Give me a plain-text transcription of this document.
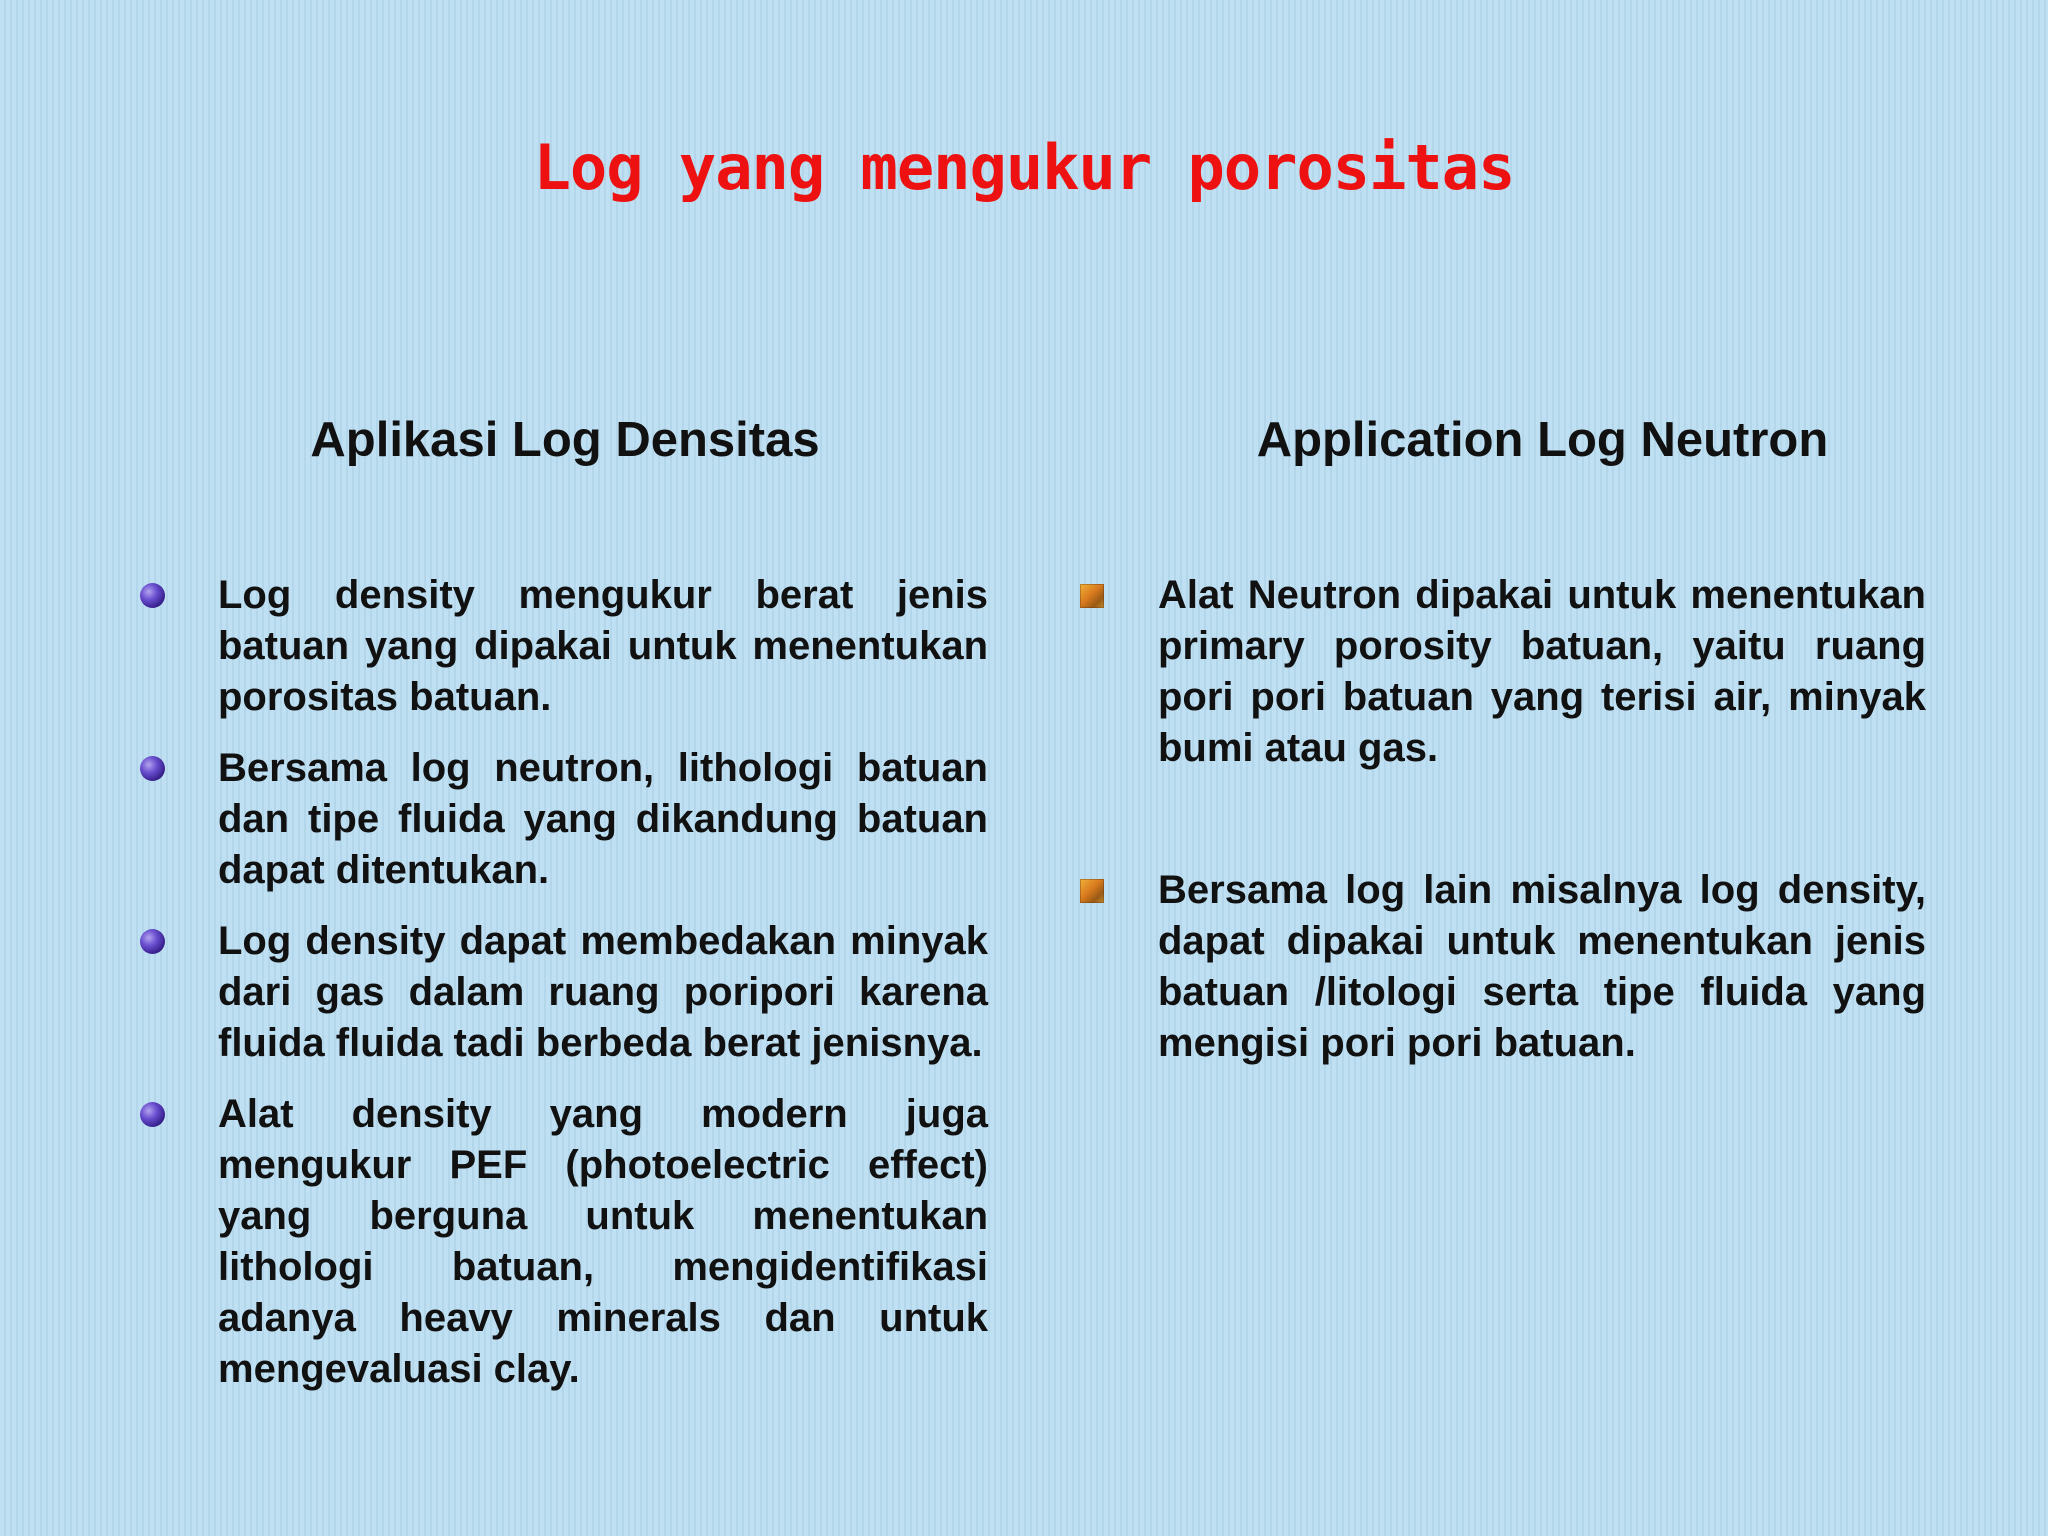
Log yang mengukur porositas
Aplikasi Log Densitas	Application Log Neutron
Log density mengukur berat jenis batuan yang dipakai untuk menentukan porositas batuan.
Bersama log neutron, lithologi batuan dan tipe fluida yang dikandung batuan dapat ditentukan.
Log density dapat membedakan minyak dari gas dalam ruang poripori karena fluida fluida tadi berbeda berat jenisnya.
Alat density yang modern juga mengukur PEF (photoelectric effect) yang berguna untuk menentukan lithologi batuan, mengidentifikasi adanya heavy minerals dan untuk mengevaluasi clay.
Alat Neutron dipakai untuk menentukan primary porosity batuan, yaitu ruang pori pori batuan yang terisi air, minyak bumi atau gas.
Bersama log lain misalnya log density, dapat dipakai untuk menentukan jenis batuan /litologi serta tipe fluida yang mengisi pori pori batuan.
